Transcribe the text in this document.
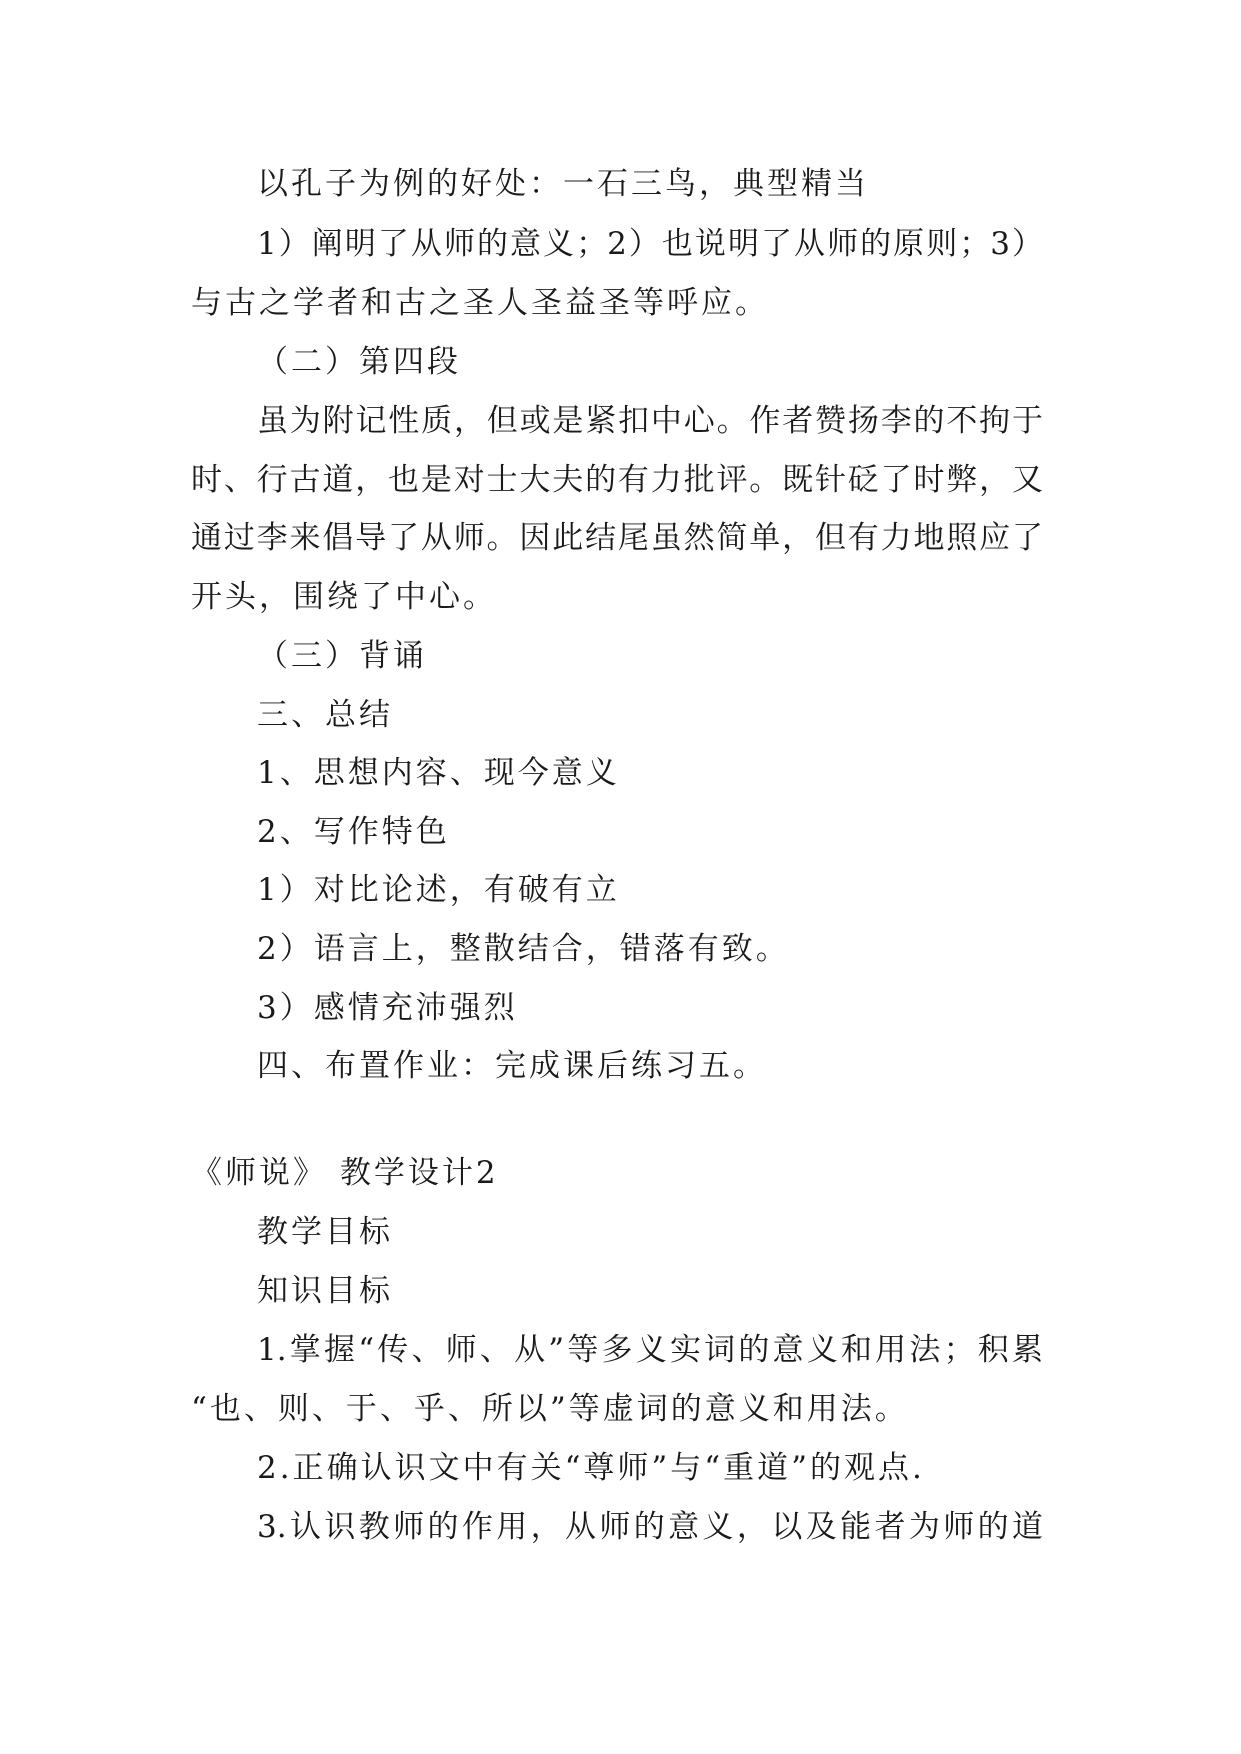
以孔子为例的好处：一石三鸟，典型精当
1）阐明了从师的意义；2）也说明了从师的原则；3）
与古之学者和古之圣人圣益圣等呼应。
（二）第四段
虽为附记性质，但或是紧扣中心。作者赞扬李的不拘于
时、行古道，也是对士大夫的有力批评。既针砭了时弊，又
通过李来倡导了从师。因此结尾虽然简单，但有力地照应了
开头，围绕了中心。
（三）背诵
三、总结
1、思想内容、现今意义
2、写作特色
1）对比论述，有破有立
2）语言上，整散结合，错落有致。
3）感情充沛强烈
四、布置作业：完成课后练习五。
《师说》 教学设计2
教学目标
知识目标
1.掌握“传、师、从”等多义实词的意义和用法；积累
“也、则、于、乎、所以”等虚词的意义和用法。
2.正确认识文中有关“尊师”与“重道”的观点.
3.认识教师的作用，从师的意义，以及能者为师的道
